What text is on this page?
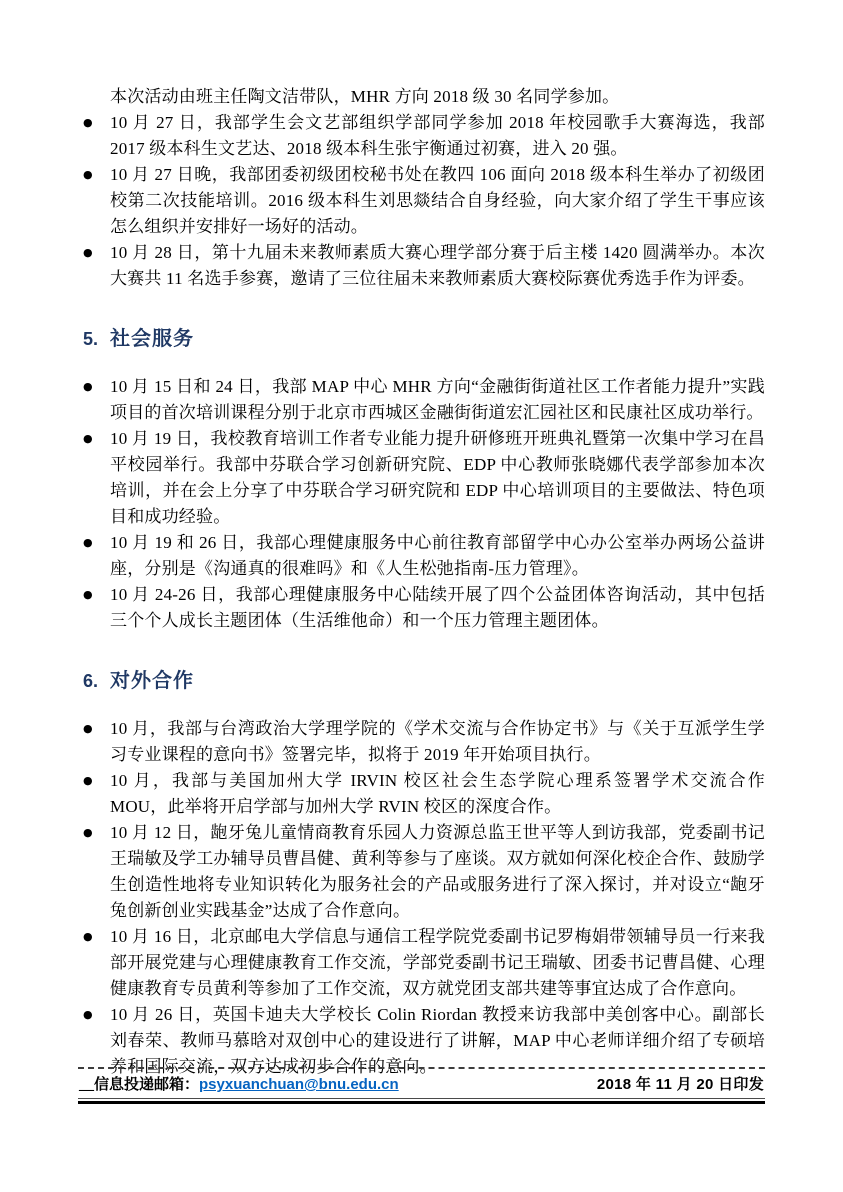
本次活动由班主任陶文洁带队，MHR 方向 2018 级 30 名同学参加。

●	10 月 27 日，我部学生会文艺部组织学部同学参加 2018 年校园歌手大赛海选，我部 2017 级本科生文艺达、2018 级本科生张宇衡通过初赛，进入 20 强。

●	10 月 27 日晚，我部团委初级团校秘书处在教四 106 面向 2018 级本科生举办了初级团校第二次技能培训。2016 级本科生刘思燚结合自身经验，向大家介绍了学生干事应该怎么组织并安排好一场好的活动。

●	10 月 28 日，第十九届未来教师素质大赛心理学部分赛于后主楼 1420 圆满举办。本次大赛共 11 名选手参赛，邀请了三位往届未来教师素质大赛校际赛优秀选手作为评委。

5. 社会服务
●	10 月 15 日和 24 日，我部 MAP 中心 MHR 方向“金融街街道社区工作者能力提升”实践项目的首次培训课程分别于北京市西城区金融街街道宏汇园社区和民康社区成功举行。

●	10 月 19 日，我校教育培训工作者专业能力提升研修班开班典礼暨第一次集中学习在昌平校园举行。我部中芬联合学习创新研究院、EDP 中心教师张晓娜代表学部参加本次培训，并在会上分享了中芬联合学习研究院和 EDP 中心培训项目的主要做法、特色项目和成功经验。

●	10 月 19 和 26 日，我部心理健康服务中心前往教育部留学中心办公室举办两场公益讲座，分别是《沟通真的很难吗》和《人生松弛指南-压力管理》。

●	10 月 24-26 日，我部心理健康服务中心陆续开展了四个公益团体咨询活动，其中包括三个个人成长主题团体（生活维他命）和一个压力管理主题团体。

6. 对外合作
●	10 月，我部与台湾政治大学理学院的《学术交流与合作协定书》与《关于互派学生学习专业课程的意向书》签署完毕，拟将于 2019 年开始项目执行。

●	10 月，我部与美国加州大学 IRVIN 校区社会生态学院心理系签署学术交流合作 MOU，此举将开启学部与加州大学 RVIN 校区的深度合作。

●	10 月 12 日，龅牙兔儿童情商教育乐园人力资源总监王世平等人到访我部，党委副书记王瑞敏及学工办辅导员曹昌健、黄利等参与了座谈。双方就如何深化校企合作、鼓励学生创造性地将专业知识转化为服务社会的产品或服务进行了深入探讨，并对设立“龅牙兔创新创业实践基金”达成了合作意向。

●	10 月 16 日，北京邮电大学信息与通信工程学院党委副书记罗梅娟带领辅导员一行来我部开展党建与心理健康教育工作交流，学部党委副书记王瑞敏、团委书记曹昌健、心理健康教育专员黄利等参加了工作交流，双方就党团支部共建等事宜达成了合作意向。

●	10 月 26 日，英国卡迪夫大学校长 Colin Riordan 教授来访我部中美创客中心。副部长刘春荣、教师马慕晗对双创中心的建设进行了讲解，MAP 中心老师详细介绍了专硕培养和国际交流，双方达成初步合作的意向。

__信息投递邮箱： psyxuanchuan@bnu.edu.cn	2018 年 11 月 20 日印发
